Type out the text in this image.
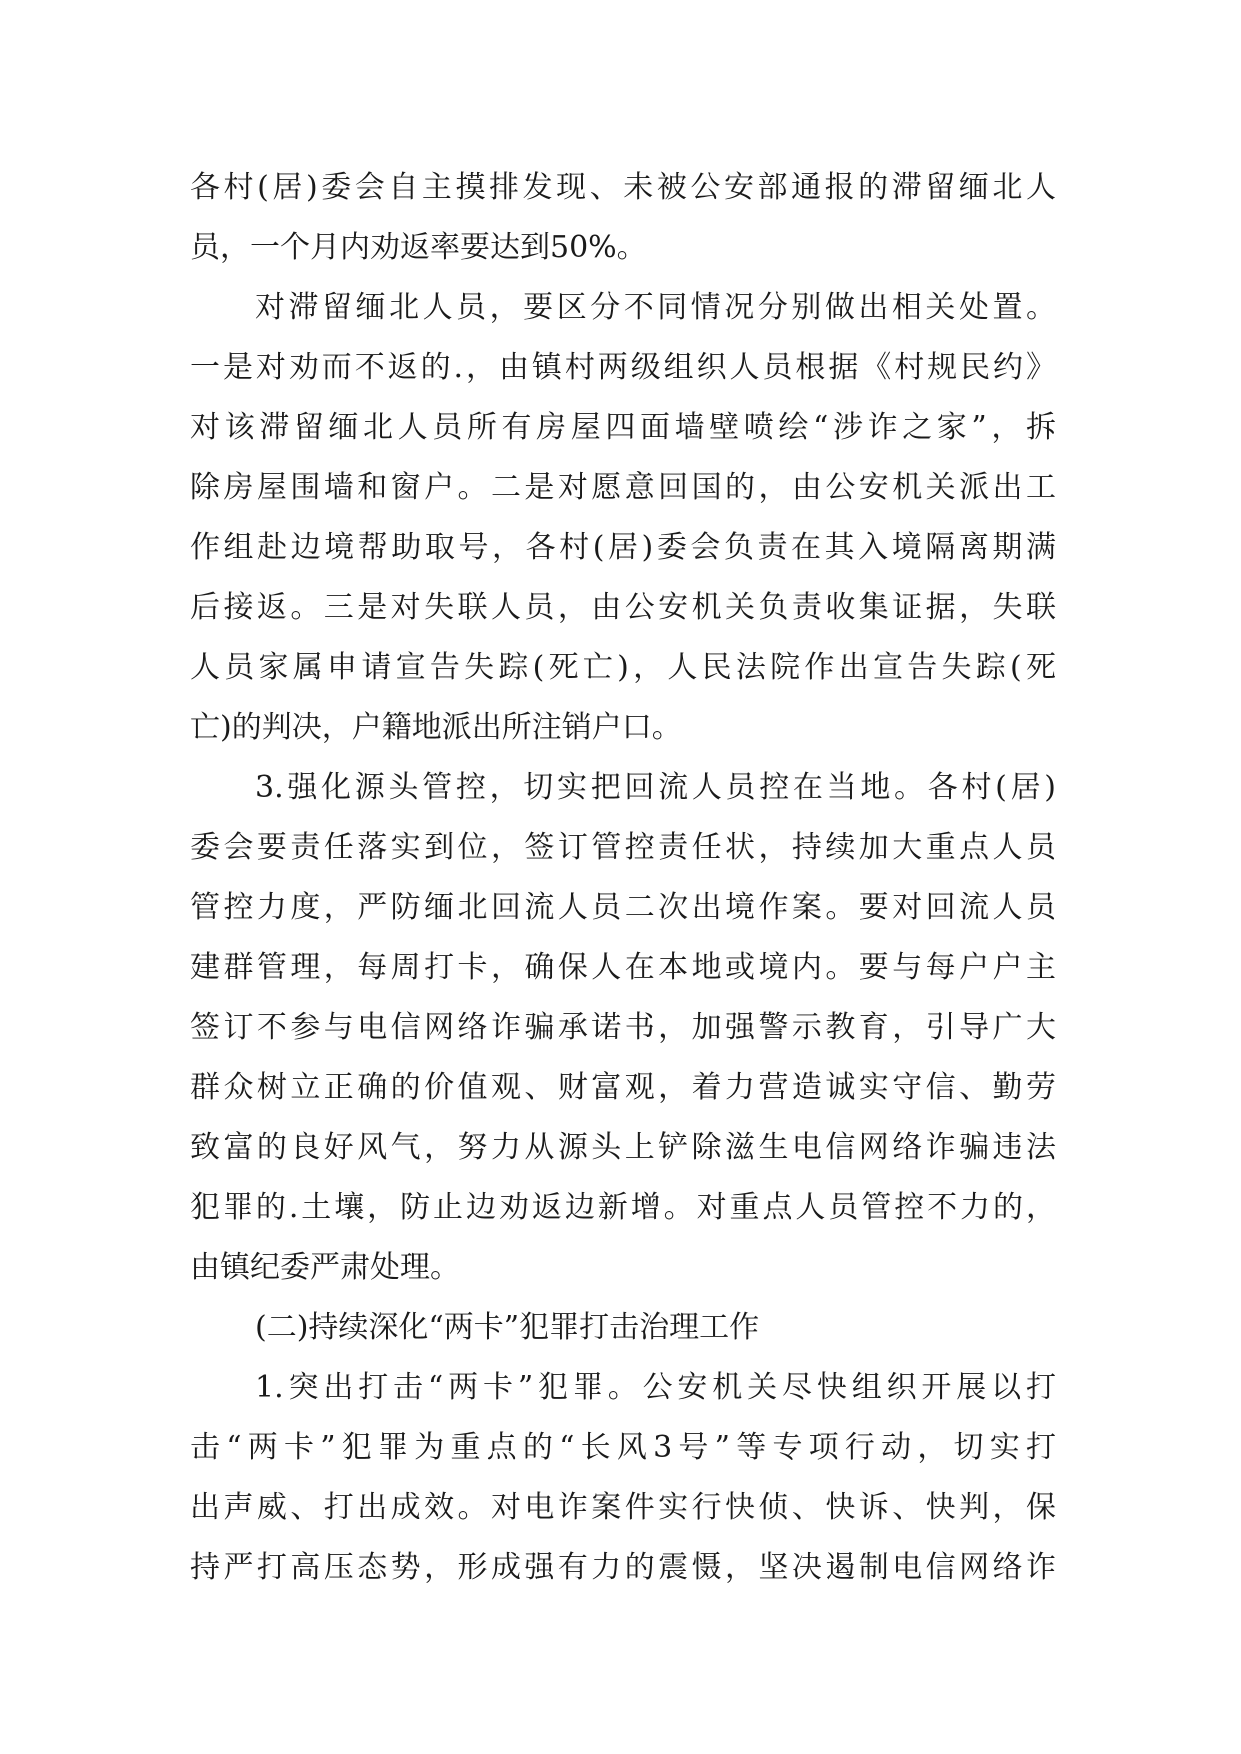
各村(居)委会自主摸排发现、未被公安部通报的滞留缅北人
员，一个月内劝返率要达到50%。
对滞留缅北人员，要区分不同情况分别做出相关处置。
一是对劝而不返的.，由镇村两级组织人员根据《村规民约》
对该滞留缅北人员所有房屋四面墙壁喷绘“涉诈之家”，拆
除房屋围墙和窗户。二是对愿意回国的，由公安机关派出工
作组赴边境帮助取号，各村(居)委会负责在其入境隔离期满
后接返。三是对失联人员，由公安机关负责收集证据，失联
人员家属申请宣告失踪(死亡)，人民法院作出宣告失踪(死
亡)的判决，户籍地派出所注销户口。
3.强化源头管控，切实把回流人员控在当地。各村(居)
委会要责任落实到位，签订管控责任状，持续加大重点人员
管控力度，严防缅北回流人员二次出境作案。要对回流人员
建群管理，每周打卡，确保人在本地或境内。要与每户户主
签订不参与电信网络诈骗承诺书，加强警示教育，引导广大
群众树立正确的价值观、财富观，着力营造诚实守信、勤劳
致富的良好风气，努力从源头上铲除滋生电信网络诈骗违法
犯罪的.土壤，防止边劝返边新增。对重点人员管控不力的，
由镇纪委严肃处理。
(二)持续深化“两卡”犯罪打击治理工作
1.突出打击“两卡”犯罪。公安机关尽快组织开展以打
击“两卡”犯罪为重点的“长风3号”等专项行动，切实打
出声威、打出成效。对电诈案件实行快侦、快诉、快判，保
持严打高压态势，形成强有力的震慑，坚决遏制电信网络诈
